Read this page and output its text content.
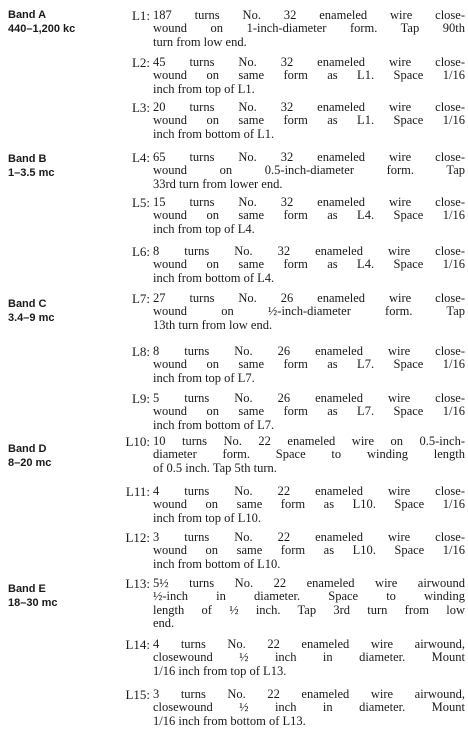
Band A
440–1,200 kc
Band B
1–3.5 mc
Band C
3.4–9 mc
Band D
8–20 mc
Band E
18–30 mc
L1: 187 turns No. 32 enameled wire close-
wound on 1-inch-diameter form. Tap 90th
turn from low end.
L2: 45 turns No. 32 enameled wire close-
wound on same form as L1. Space 1/16
inch from top of L1.
L3: 20 turns No. 32 enameled wire close-
wound on same form as L1. Space 1/16
inch from bottom of L1.
L4: 65 turns No. 32 enameled wire close-
wound on 0.5-inch-diameter form. Tap
33rd turn from lower end.
L5: 15 turns No. 32 enameled wire close-
wound on same form as L4. Space 1/16
inch from top of L4.
L6: 8 turns No. 32 enameled wire close-
wound on same form as L4. Space 1/16
inch from bottom of L4.
L7: 27 turns No. 26 enameled wire close-
wound on ½-inch-diameter form. Tap
13th turn from low end.
L8: 8 turns No. 26 enameled wire close-
wound on same form as L7. Space 1/16
inch from top of L7.
L9: 5 turns No. 26 enameled wire close-
wound on same form as L7. Space 1/16
inch from bottom of L7.
L10: 10 turns No. 22 enameled wire on 0.5-inch-
diameter form. Space to winding length
of 0.5 inch. Tap 5th turn.
L11: 4 turns No. 22 enameled wire close-
wound on same form as L10. Space 1/16
inch from top of L10.
L12: 3 turns No. 22 enameled wire close-
wound on same form as L10. Space 1/16
inch from bottom of L10.
L13: 5½ turns No. 22 enameled wire airwound
½-inch in diameter. Space to winding
length of ½ inch. Tap 3rd turn from low
end.
L14: 4 turns No. 22 enameled wire airwound,
closewound ½ inch in diameter. Mount
1/16 inch from top of L13.
L15: 3 turns No. 22 enameled wire airwound,
closewound ½ inch in diameter. Mount
1/16 inch from bottom of L13.
